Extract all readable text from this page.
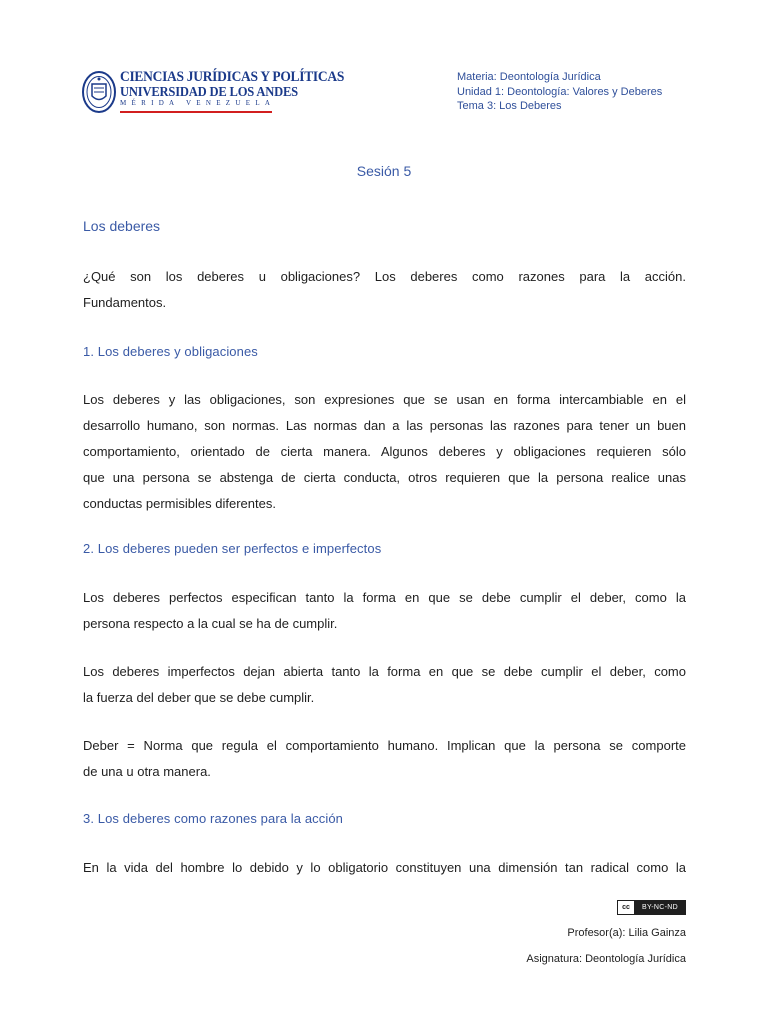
CIENCIAS JURÍDICAS Y POLÍTICAS
UNIVERSIDAD DE LOS ANDES
MÉRIDA VENEZUELA
Materia: Deontología Jurídica
Unidad 1: Deontología: Valores y Deberes
Tema 3: Los Deberes
Sesión 5
Los deberes
¿Qué son los deberes u obligaciones? Los deberes como razones para la acción.
Fundamentos.
1. Los deberes y obligaciones
Los deberes y las obligaciones, son expresiones que se usan en forma intercambiable en el
desarrollo humano, son normas. Las normas dan a las personas las razones para tener un buen
comportamiento, orientado de cierta manera. Algunos deberes y obligaciones requieren sólo
que una persona se abstenga de cierta conducta, otros requieren que la persona realice unas
conductas permisibles diferentes.
2. Los deberes pueden ser perfectos e imperfectos
Los deberes perfectos especifican tanto la forma en que se debe cumplir el deber, como la
persona respecto a la cual se ha de cumplir.
Los deberes imperfectos dejan abierta tanto la forma en que se debe cumplir el deber, como
la fuerza del deber que se debe cumplir.
Deber = Norma que regula el comportamiento humano. Implican que la persona se comporte
de una u otra manera.
3. Los deberes como razones para la acción
En la vida del hombre lo debido y lo obligatorio constituyen una dimensión tan radical como la
cc	BY-NC-ND
Profesor(a): Lilia Gainza
Asignatura: Deontología Jurídica
